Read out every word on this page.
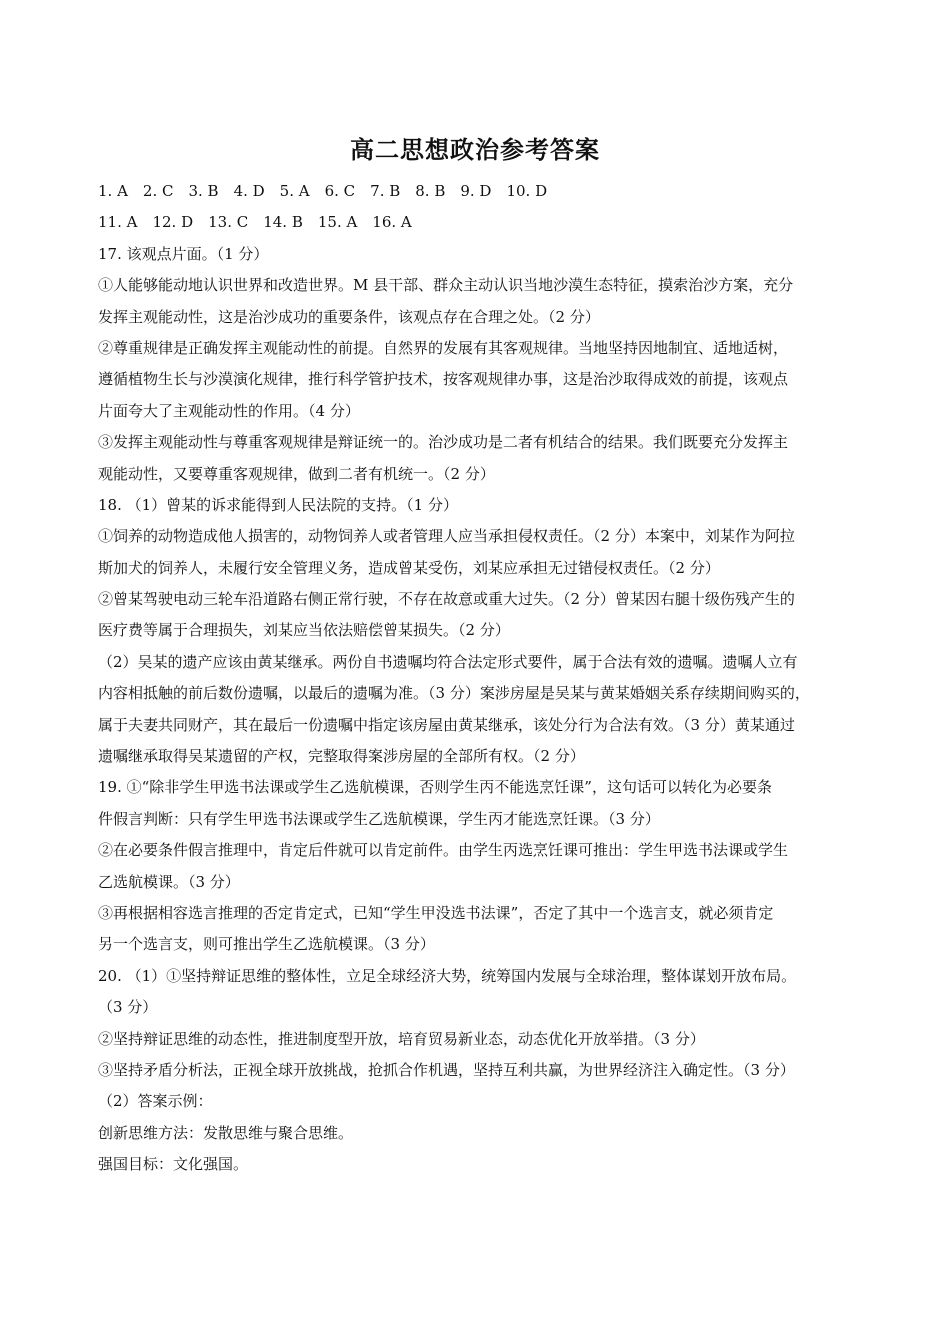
高二思想政治参考答案
1. A　2. C　3. B　4. D　5. A　6. C　7. B　8. B　9. D　10. D
11. A　12. D　13. C　14. B　15. A　16. A
17. 该观点片面。（1 分）
①人能够能动地认识世界和改造世界。M 县干部、群众主动认识当地沙漠生态特征，摸索治沙方案，充分
发挥主观能动性，这是治沙成功的重要条件，该观点存在合理之处。（2 分）
②尊重规律是正确发挥主观能动性的前提。自然界的发展有其客观规律。当地坚持因地制宜、适地适树，
遵循植物生长与沙漠演化规律，推行科学管护技术，按客观规律办事，这是治沙取得成效的前提，该观点
片面夸大了主观能动性的作用。（4 分）
③发挥主观能动性与尊重客观规律是辩证统一的。治沙成功是二者有机结合的结果。我们既要充分发挥主
观能动性，又要尊重客观规律，做到二者有机统一。（2 分）
18. （1）曾某的诉求能得到人民法院的支持。（1 分）
①饲养的动物造成他人损害的，动物饲养人或者管理人应当承担侵权责任。（2 分）本案中，刘某作为阿拉
斯加犬的饲养人，未履行安全管理义务，造成曾某受伤，刘某应承担无过错侵权责任。（2 分）
②曾某驾驶电动三轮车沿道路右侧正常行驶，不存在故意或重大过失。（2 分）曾某因右腿十级伤残产生的
医疗费等属于合理损失，刘某应当依法赔偿曾某损失。（2 分）
（2）吴某的遗产应该由黄某继承。两份自书遗嘱均符合法定形式要件，属于合法有效的遗嘱。遗嘱人立有
内容相抵触的前后数份遗嘱，以最后的遗嘱为准。（3 分）案涉房屋是吴某与黄某婚姻关系存续期间购买的，
属于夫妻共同财产，其在最后一份遗嘱中指定该房屋由黄某继承，该处分行为合法有效。（3 分）黄某通过
遗嘱继承取得吴某遗留的产权，完整取得案涉房屋的全部所有权。（2 分）
19. ①“除非学生甲选书法课或学生乙选航模课，否则学生丙不能选烹饪课”，这句话可以转化为必要条
件假言判断：只有学生甲选书法课或学生乙选航模课，学生丙才能选烹饪课。（3 分）
②在必要条件假言推理中，肯定后件就可以肯定前件。由学生丙选烹饪课可推出：学生甲选书法课或学生
乙选航模课。（3 分）
③再根据相容选言推理的否定肯定式，已知“学生甲没选书法课”，否定了其中一个选言支，就必须肯定
另一个选言支，则可推出学生乙选航模课。（3 分）
20. （1）①坚持辩证思维的整体性，立足全球经济大势，统筹国内发展与全球治理，整体谋划开放布局。
（3 分）
②坚持辩证思维的动态性，推进制度型开放，培育贸易新业态，动态优化开放举措。（3 分）
③坚持矛盾分析法，正视全球开放挑战，抢抓合作机遇，坚持互利共赢，为世界经济注入确定性。（3 分）
（2）答案示例：
创新思维方法：发散思维与聚合思维。
强国目标：文化强国。
